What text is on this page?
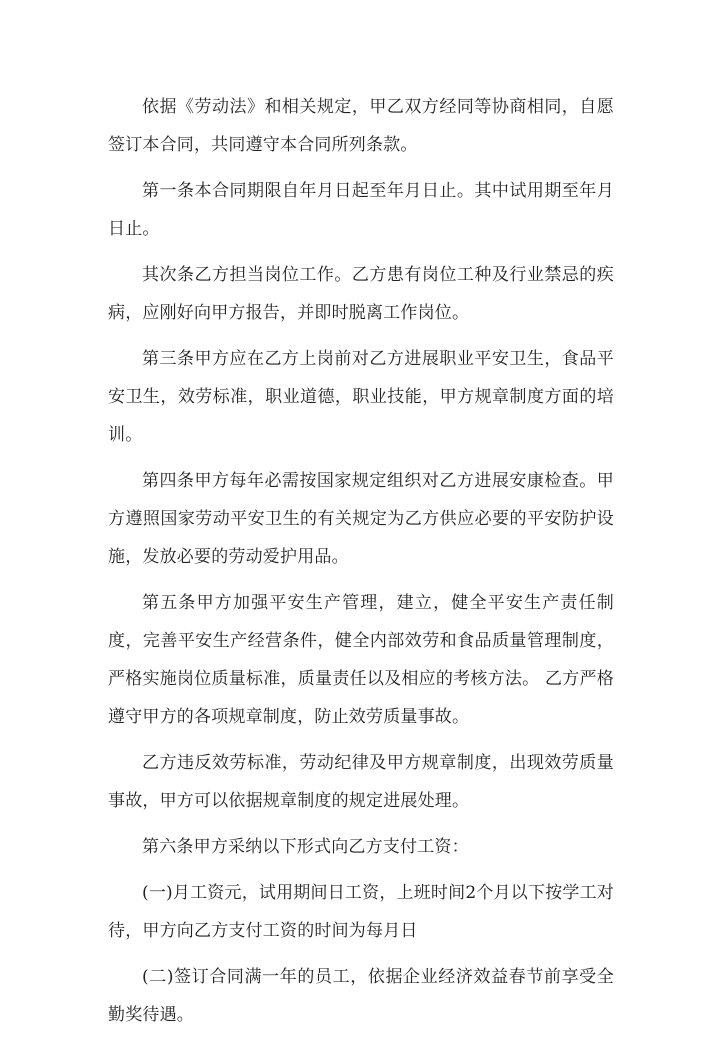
依据《劳动法》和相关规定，甲乙双方经同等协商相同，自愿签订本合同，共同遵守本合同所列条款。

第一条本合同期限自年月日起至年月日止。其中试用期至年月日止。

其次条乙方担当岗位工作。乙方患有岗位工种及行业禁忌的疾病，应刚好向甲方报告，并即时脱离工作岗位。

第三条甲方应在乙方上岗前对乙方进展职业平安卫生，食品平安卫生，效劳标准，职业道德，职业技能，甲方规章制度方面的培训。

第四条甲方每年必需按国家规定组织对乙方进展安康检查。甲方遵照国家劳动平安卫生的有关规定为乙方供应必要的平安防护设施，发放必要的劳动爱护用品。

第五条甲方加强平安生产管理，建立，健全平安生产责任制度，完善平安生产经营条件，健全内部效劳和食品质量管理制度，严格实施岗位质量标准，质量责任以及相应的考核方法。 乙方严格遵守甲方的各项规章制度，防止效劳质量事故。

乙方违反效劳标准，劳动纪律及甲方规章制度，出现效劳质量事故，甲方可以依据规章制度的规定进展处理。

第六条甲方采纳以下形式向乙方支付工资：

(一)月工资元，试用期间日工资，上班时间2个月以下按学工对待，甲方向乙方支付工资的时间为每月日

(二)签订合同满一年的员工，依据企业经济效益春节前享受全勤奖待遇。
